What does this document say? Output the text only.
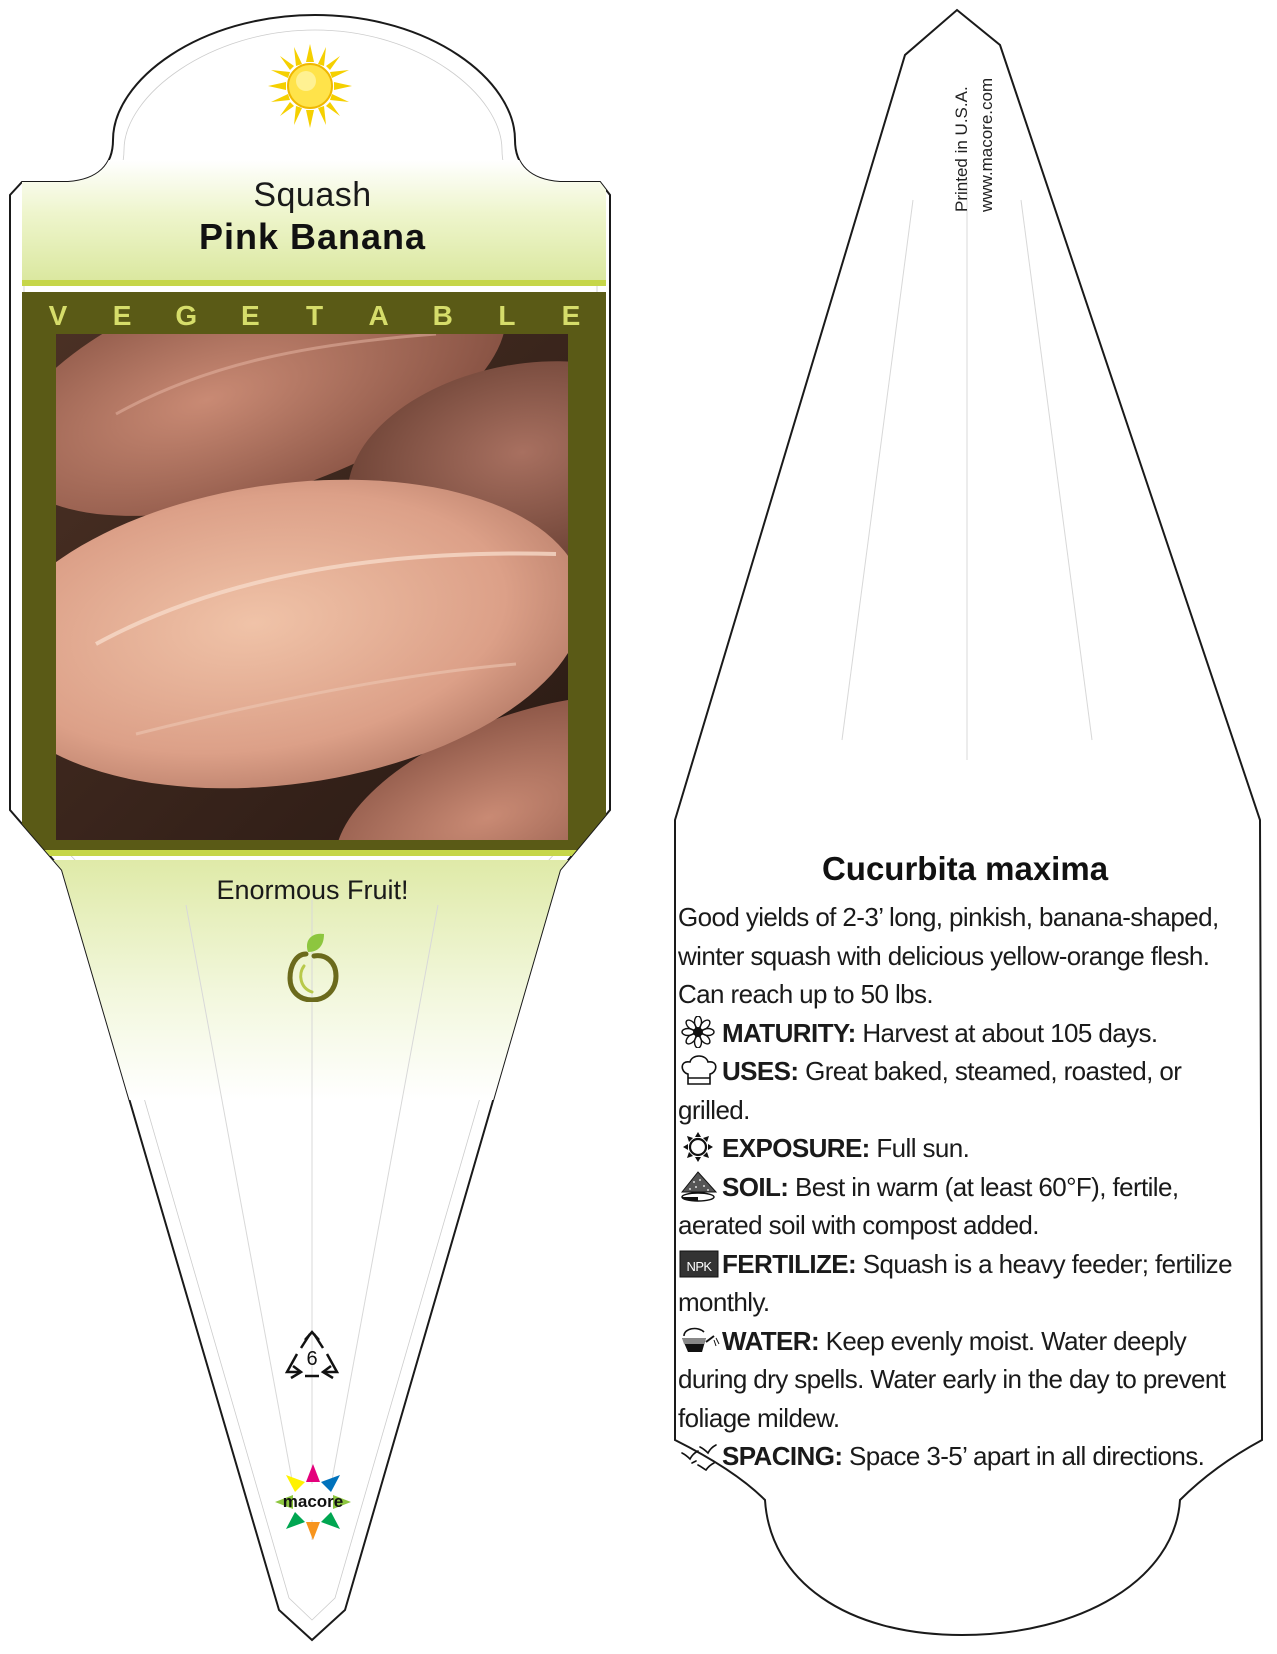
Squash
Pink Banana
V E G E T A B L E
Enormous Fruit!
6
macore
Printed in U.S.A. www.macore.com
Cucurbita maxima

Good yields of 2-3’ long, pinkish, banana-shaped, winter squash with delicious yellow-orange flesh. Can reach up to 50 lbs.

MATURITY: Harvest at about 105 days.

USES: Great baked, steamed, roasted, or grilled.

EXPOSURE: Full sun.

SOIL: Best in warm (at least 60°F), fertile, aerated soil with compost added.

NPK FERTILIZE: Squash is a heavy feeder; fertilize monthly.

WATER: Keep evenly moist. Water deeply during dry spells. Water early in the day to prevent foliage mildew.

SPACING: Space 3-5’ apart in all directions.
